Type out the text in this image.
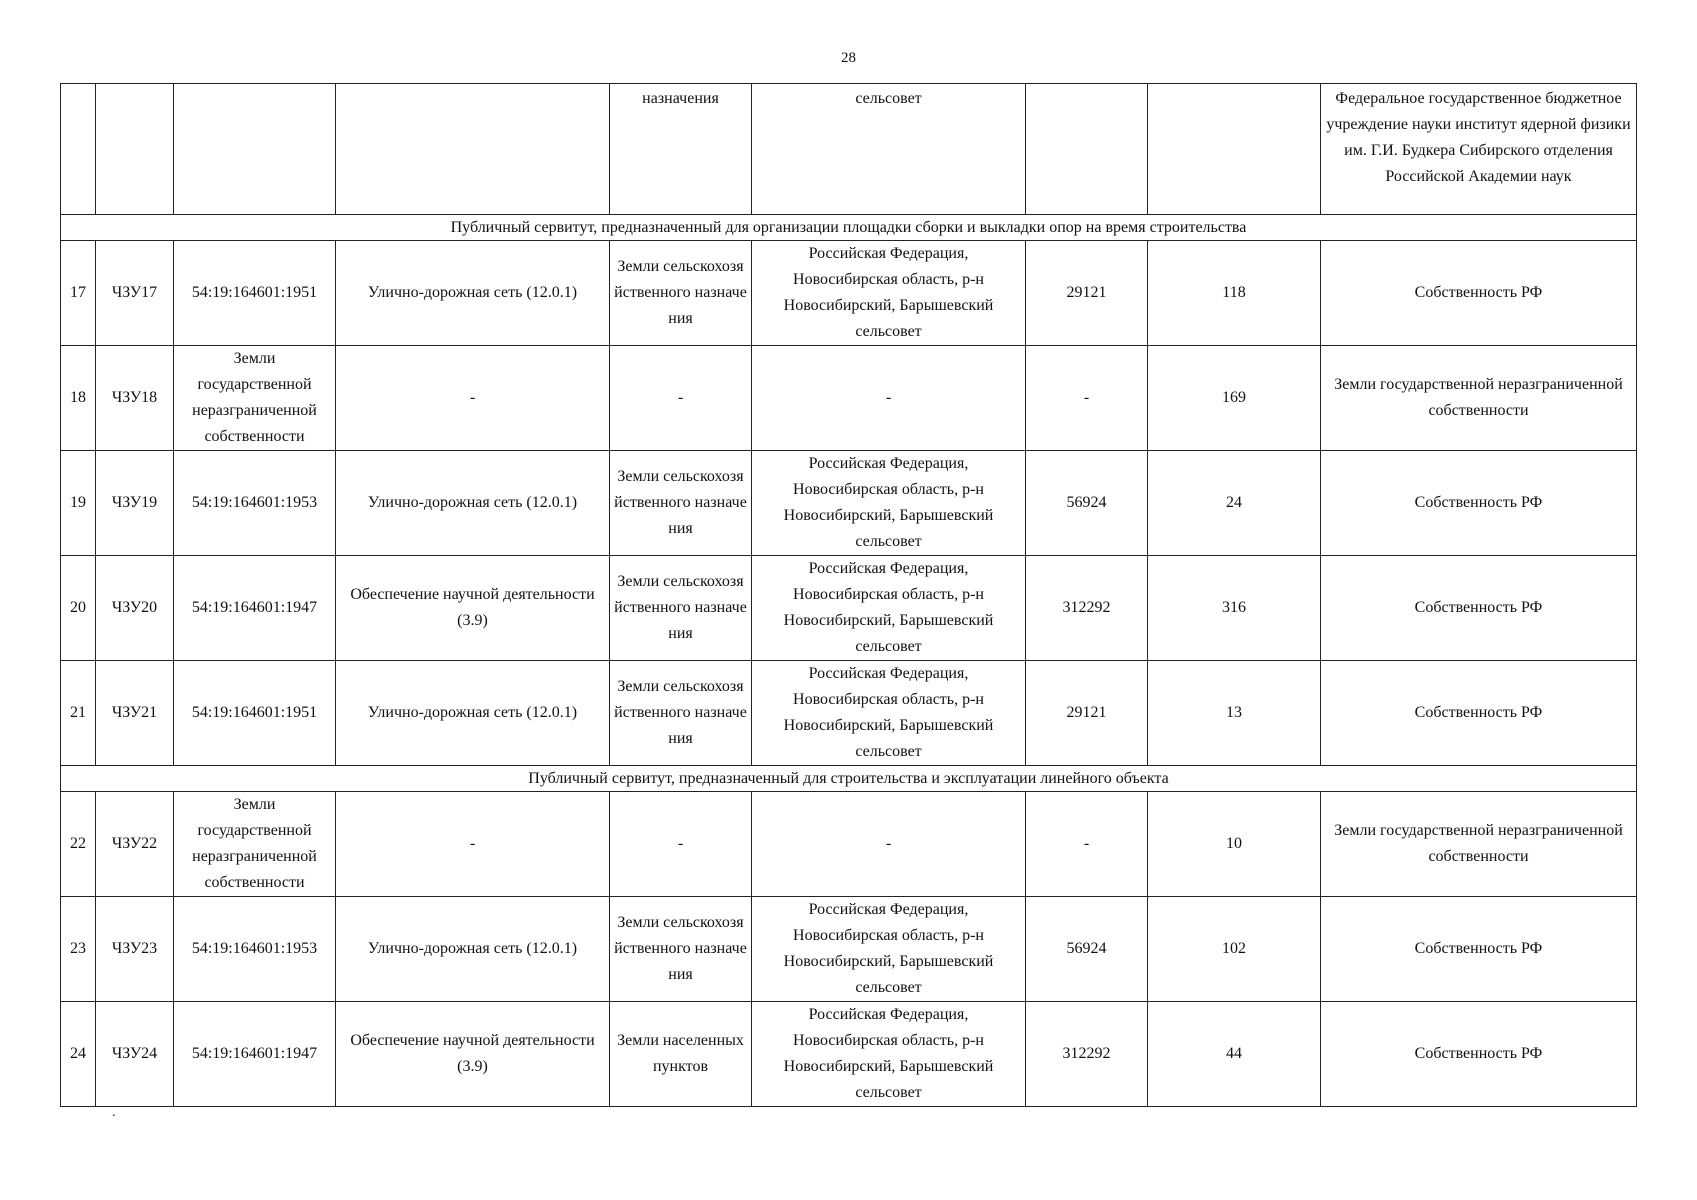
28
				назначения	сельсовет			Федеральное государственное бюджетное учреждение науки институт ядерной физики им. Г.И. Будкера Сибирского отделения Российской Академии наук
Публичный сервитут, предназначенный для организации площадки сборки и выкладки опор на время строительства								
17	ЧЗУ17	54:19:164601:1951	Улично-дорожная сеть (12.0.1)	Земли сельскохозяйственного назначения	Российская Федерация, Новосибирская область, р-н Новосибирский, Барышевский сельсовет	29121	118	Собственность РФ
18	ЧЗУ18	Земли государственной неразграниченной собственности	-	-	-	-	169	Земли государственной неразграниченной собственности
19	ЧЗУ19	54:19:164601:1953	Улично-дорожная сеть (12.0.1)	Земли сельскохозяйственного назначения	Российская Федерация, Новосибирская область, р-н Новосибирский, Барышевский сельсовет	56924	24	Собственность РФ
20	ЧЗУ20	54:19:164601:1947	Обеспечение научной деятельности (3.9)	Земли сельскохозяйственного назначения	Российская Федерация, Новосибирская область, р-н Новосибирский, Барышевский сельсовет	312292	316	Собственность РФ
21	ЧЗУ21	54:19:164601:1951	Улично-дорожная сеть (12.0.1)	Земли сельскохозяйственного назначения	Российская Федерация, Новосибирская область, р-н Новосибирский, Барышевский сельсовет	29121	13	Собственность РФ
Публичный сервитут, предназначенный для строительства и эксплуатации линейного объекта								
22	ЧЗУ22	Земли государственной неразграниченной собственности	-	-	-	-	10	Земли государственной неразграниченной собственности
23	ЧЗУ23	54:19:164601:1953	Улично-дорожная сеть (12.0.1)	Земли сельскохозяйственного назначения	Российская Федерация, Новосибирская область, р-н Новосибирский, Барышевский сельсовет	56924	102	Собственность РФ
24	ЧЗУ24	54:19:164601:1947	Обеспечение научной деятельности (3.9)	Земли населенных пунктов	Российская Федерация, Новосибирская область, р-н Новосибирский, Барышевский сельсовет	312292	44	Собственность РФ
.
